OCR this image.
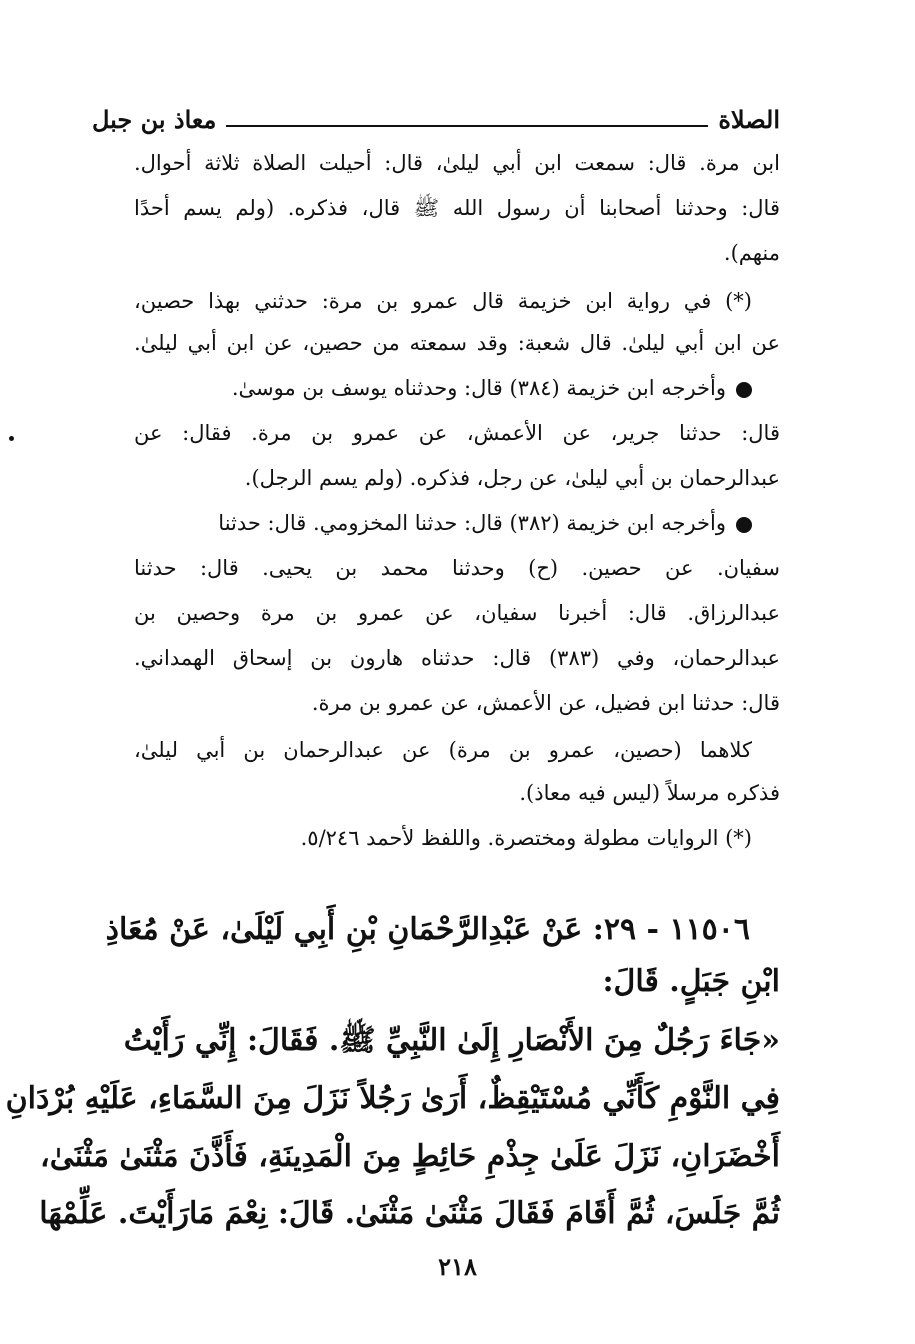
الصلاة
معاذ بن جبل
ابن مرة. قال: سمعت ابن أبي ليلىٰ، قال: أحيلت الصلاة ثلاثة أحوال.
قال: وحدثنا أصحابنا أن رسول الله ﷺ قال، فذكره. (ولم يسم أحدًا
منهم).
(*) في رواية ابن خزيمة قال عمرو بن مرة: حدثني بهذا حصين،
عن ابن أبي ليلىٰ. قال شعبة: وقد سمعته من حصين، عن ابن أبي ليلىٰ.
وأخرجه ابن خزيمة (٣٨٤) قال: وحدثناه يوسف بن موسىٰ.
قال: حدثنا جرير، عن الأعمش، عن عمرو بن مرة. فقال: عن
عبدالرحمان بن أبي ليلىٰ، عن رجل، فذكره. (ولم يسم الرجل).
وأخرجه ابن خزيمة (٣٨٢) قال: حدثنا المخزومي. قال: حدثنا
سفيان. عن حصين. (ح) وحدثنا محمد بن يحيى. قال: حدثنا
عبدالرزاق. قال: أخبرنا سفيان، عن عمرو بن مرة وحصين بن
عبدالرحمان، وفي (٣٨٣) قال: حدثناه هارون بن إسحاق الهمداني.
قال: حدثنا ابن فضيل، عن الأعمش، عن عمرو بن مرة.
كلاهما (حصين، عمرو بن مرة) عن عبدالرحمان بن أبي ليلىٰ،
فذكره مرسلاً (ليس فيه معاذ).
(*) الروايات مطولة ومختصرة. واللفظ لأحمد ٥/٢٤٦.
١١٥٠٦ - ٢٩: عَنْ عَبْدِالرَّحْمَانِ بْنِ أَبِي لَيْلَىٰ، عَنْ مُعَاذِ
ابْنِ جَبَلٍ. قَالَ:
«جَاءَ رَجُلٌ مِنَ الأَنْصَارِ إِلَىٰ النَّبِيِّ ﷺ. فَقَالَ: إِنِّي رَأَيْتُ
فِي النَّوْمِ كَأَنِّي مُسْتَيْقِظٌ، أَرَىٰ رَجُلاً نَزَلَ مِنَ السَّمَاءِ، عَلَيْهِ بُرْدَانِ
أَخْضَرَانِ، نَزَلَ عَلَىٰ جِذْمِ حَائِطٍ مِنَ الْمَدِينَةِ، فَأَذَّنَ مَثْنَىٰ مَثْنَىٰ،
ثُمَّ جَلَسَ، ثُمَّ أَقَامَ فَقَالَ مَثْنَىٰ مَثْنَىٰ. قَالَ: نِعْمَ مَارَأَيْتَ. عَلِّمْهَا
٢١٨
